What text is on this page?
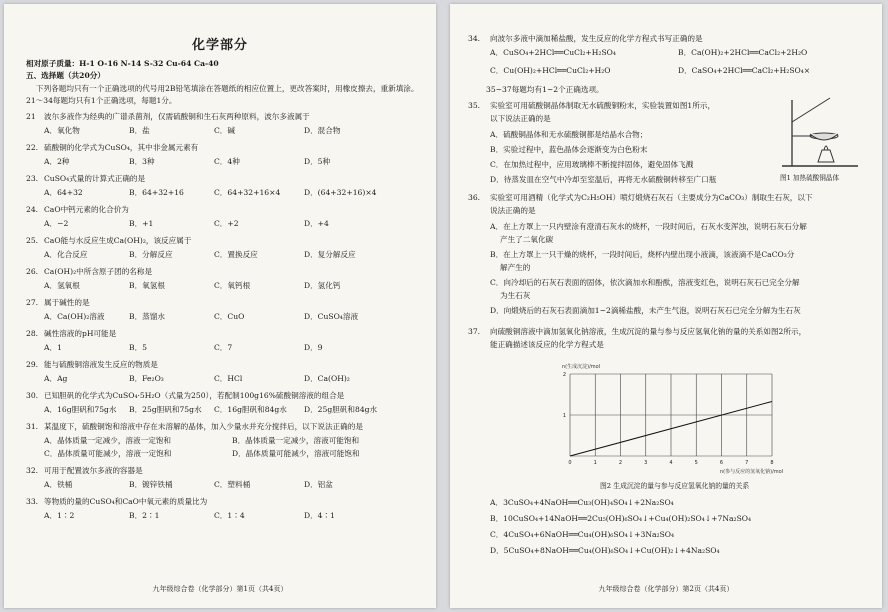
化学部分
相对原子质量：H-1 O-16 N-14 S-32 Cu-64 Ca-40
五、选择题（共20分）
下列各题均只有一个正确选项的代号用2B铅笔填涂在答题纸的相应位置上，更改答案时，用橡皮擦去，重新填涂。
21～34每题均只有1个正确选项，每题1分。
21 波尔多液作为经典的广谱杀菌剂，仅需硫酸铜和生石灰两种原料，波尔多液属于
A．氧化物	B．盐	C．碱	D．混合物
22. 硫酸铜的化学式为CuSO₄，其中非金属元素有
A．2种	B．3种	C．4种	D．5种
23. CuSO₄式量的计算式正确的是
A．64+32	B．64+32+16	C．64+32+16×4	D．(64+32+16)×4
24. CaO中钙元素的化合价为
A．−2	B．+1	C．+2	D．+4
25. CaO能与水反应生成Ca(OH)₂，该反应属于
A．化合反应	B．分解反应	C．置换反应	D．复分解反应
26. Ca(OH)₂中所含原子团的名称是
A．氢氧根	B．氧氢根	C．氧钙根	D．氢化钙
27. 属于碱性的是
A．Ca(OH)₂溶液	B．蒸馏水	C．CuO	D．CuSO₄溶液
28. 碱性溶液的pH可能是
A．1	B．5	C．7	D．9
29. 能与硫酸铜溶液发生反应的物质是
A．Ag	B．Fe₂O₃	C．HCl	D．Ca(OH)₂
30. 已知胆矾的化学式为CuSO₄·5H₂O（式量为250），若配制100g16%硫酸铜溶液的组合是
A．16g胆矾和75g水 B．25g胆矾和75g水 C．16g胆矾和84g水 D．25g胆矾和84g水
31. 某温度下，硫酸铜饱和溶液中存在未溶解的晶体，加入少量水并充分搅拌后，以下说法正确的是
A．晶体质量一定减少，溶液一定饱和	B．晶体质量一定减少，溶液可能饱和
C．晶体质量可能减少，溶液一定饱和	D．晶体质量可能减少，溶液可能饱和
32. 可用于配置波尔多液的容器是
A．铁桶	B．镀锌铁桶	C．塑料桶	D．铝盆
33. 等物质的量的CuSO₄和CaO中氧元素的质量比为
A．1∶2	B．2∶1	C．1∶4	D．4∶1
九年级综合卷（化学部分）第1页（共4页）
34. 向波尔多液中滴加稀盐酸，发生反应的化学方程式书写正确的是
A．CuSO₄+2HCl══CuCl₂+H₂SO₄	B．Ca(OH)₂+2HCl══CaCl₂+2H₂O
C．Cu(OH)₂+HCl══CuCl₂+H₂O	D．CaSO₄+2HCl══CaCl₂+H₂SO₄×
35~37每题均有1~2个正确选项。
35. 实验室可用硫酸铜晶体制取无水硫酸铜粉末，实验装置如图1所示，
以下说法正确的是
A．硫酸铜晶体和无水硫酸铜都是结晶水合物；
B．实验过程中，蓝色晶体会逐渐变为白色粉末
C．在加热过程中，应用玻璃棒不断搅拌固体，避免固体飞溅
D．待蒸发皿在空气中冷却至室温后，再将无水硫酸铜转移至广口瓶	图1 加热硫酸铜晶体
36. 实验室可用酒精（化学式为C₂H₅OH）喷灯煅烧石灰石（主要成分为CaCO₃）制取生石灰，以下
说法正确的是
A．在上方罩上一只内壁涂有澄清石灰水的烧杯，一段时间后，石灰水变浑浊，说明石灰石分解
产生了二氧化碳
B．在上方罩上一只干燥的烧杯，一段时间后，烧杯内壁出现小液滴，该液滴不是CaCO₃分
解产生的
C．向冷却后的石灰石表面的固体，依次滴加水和酚酞，溶液变红色，说明石灰石已完全分解
为生石灰
D．向煅烧后的石灰石表面滴加1~2滴稀盐酸，未产生气泡，说明石灰石已完全分解为生石灰
37. 向硫酸铜溶液中滴加氢氧化钠溶液，生成沉淀的量与参与反应氢氧化钠的量的关系如图2所示，
能正确描述该反应的化学方程式是
n(生成沉淀)/mol
n(参与反应的氢氧化钠)/mol
0	1	2	3	4	5	6	7	8
1
2
图2 生成沉淀的量与参与反应氢氧化钠的量的关系
A．3CuSO₄+4NaOH══Cu₃(OH)₄SO₄↓+2Na₂SO₄
B．10CuSO₄+14NaOH══2Cu₅(OH)₆SO₄↓+Cu₄(OH)₂SO₄↓+7Na₂SO₄
C．4CuSO₄+6NaOH══Cu₄(OH)₆SO₄↓+3Na₂SO₄
D．5CuSO₄+8NaOH══Cu₄(OH)₆SO₄↓+Cu(OH)₂↓+4Na₂SO₄
九年级综合卷（化学部分）第2页（共4页）
